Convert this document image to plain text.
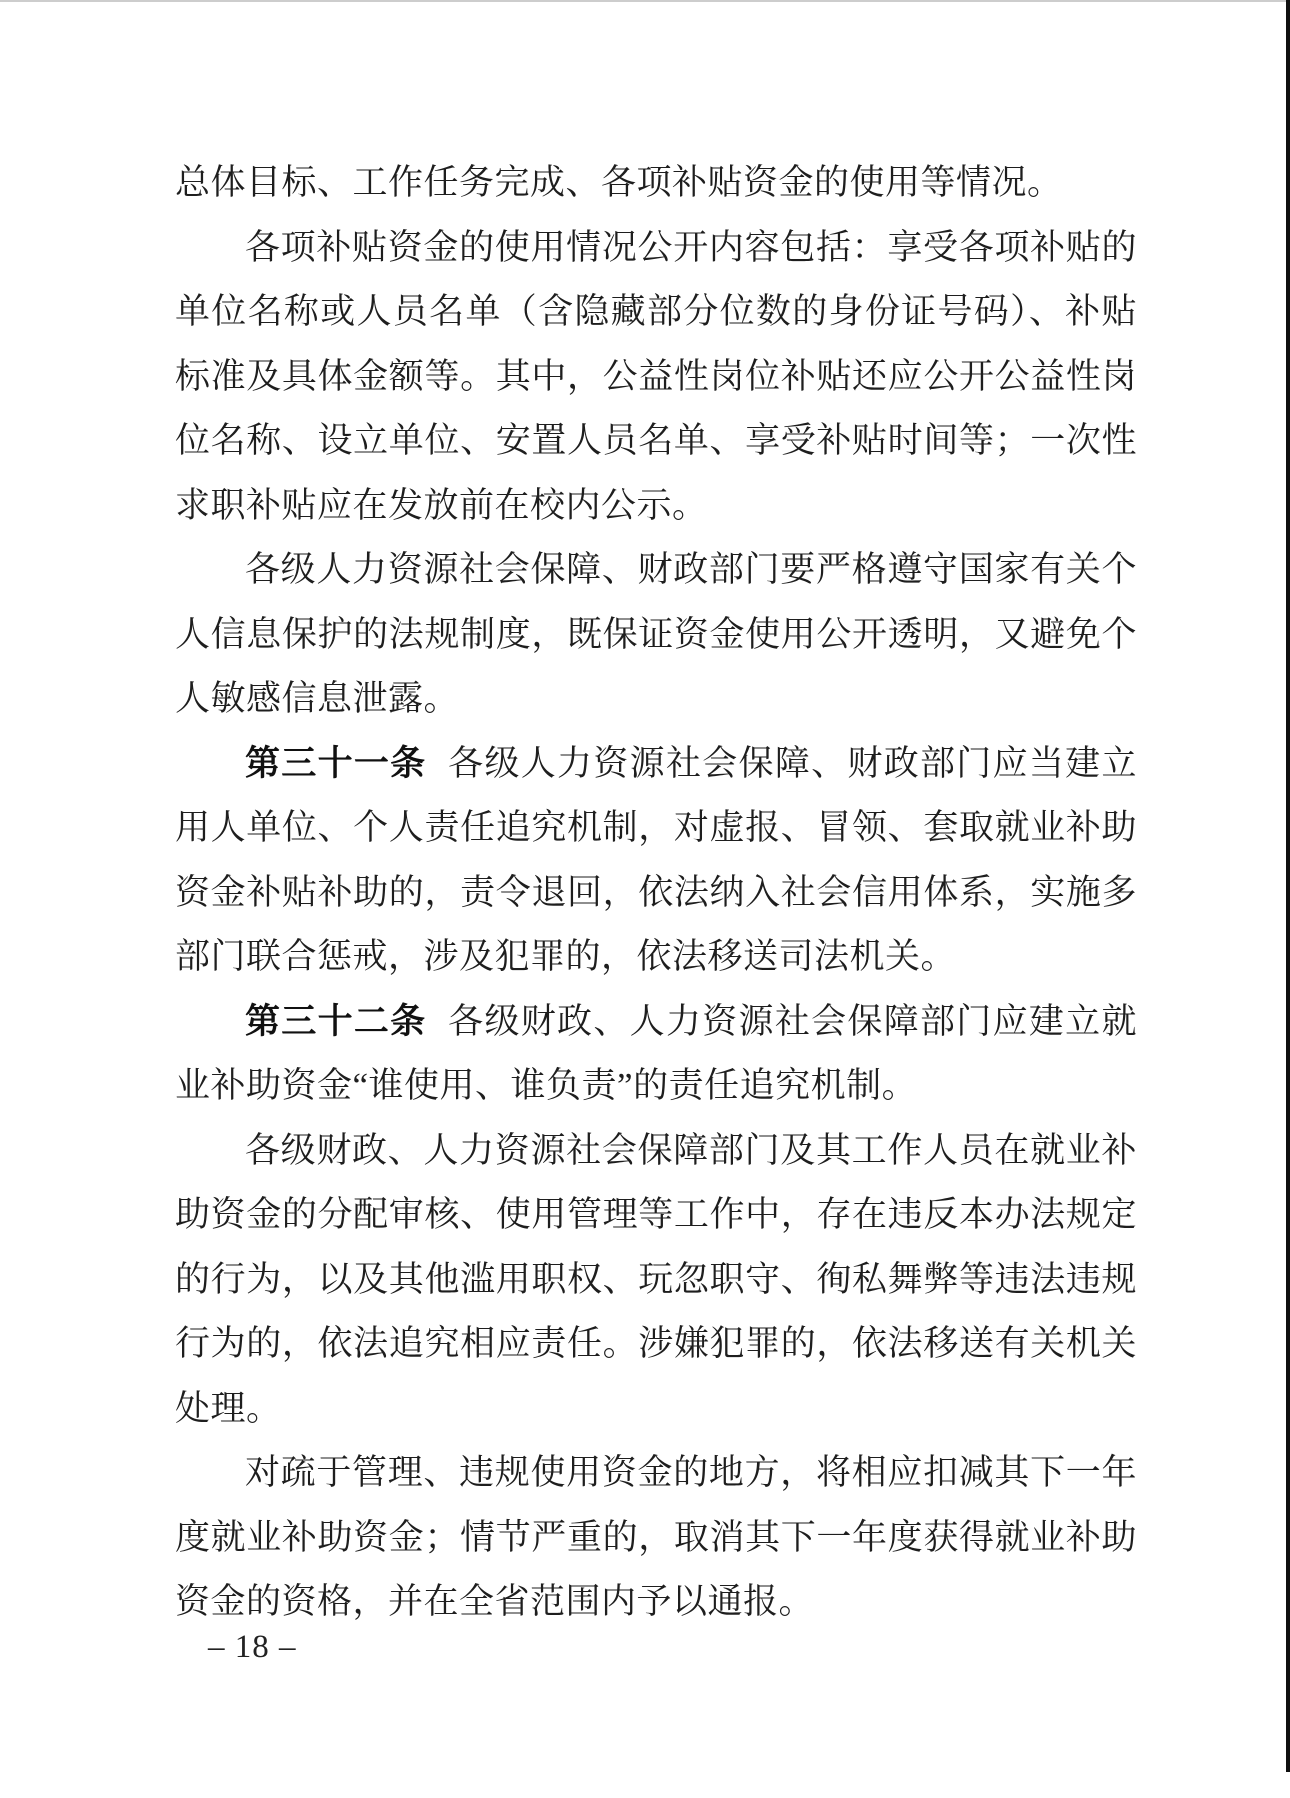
总体目标、工作任务完成、各项补贴资金的使用等情况。

各项补贴资金的使用情况公开内容包括：享受各项补贴的单位名称或人员名单（含隐藏部分位数的身份证号码）、补贴标准及具体金额等。其中，公益性岗位补贴还应公开公益性岗位名称、设立单位、安置人员名单、享受补贴时间等；一次性求职补贴应在发放前在校内公示。

各级人力资源社会保障、财政部门要严格遵守国家有关个人信息保护的法规制度，既保证资金使用公开透明，又避免个人敏感信息泄露。

第三十一条 各级人力资源社会保障、财政部门应当建立用人单位、个人责任追究机制，对虚报、冒领、套取就业补助资金补贴补助的，责令退回，依法纳入社会信用体系，实施多部门联合惩戒，涉及犯罪的，依法移送司法机关。

第三十二条 各级财政、人力资源社会保障部门应建立就业补助资金“谁使用、谁负责”的责任追究机制。

各级财政、人力资源社会保障部门及其工作人员在就业补助资金的分配审核、使用管理等工作中，存在违反本办法规定的行为，以及其他滥用职权、玩忽职守、徇私舞弊等违法违规行为的，依法追究相应责任。涉嫌犯罪的，依法移送有关机关处理。

对疏于管理、违规使用资金的地方，将相应扣减其下一年度就业补助资金；情节严重的，取消其下一年度获得就业补助资金的资格，并在全省范围内予以通报。

– 18 –
